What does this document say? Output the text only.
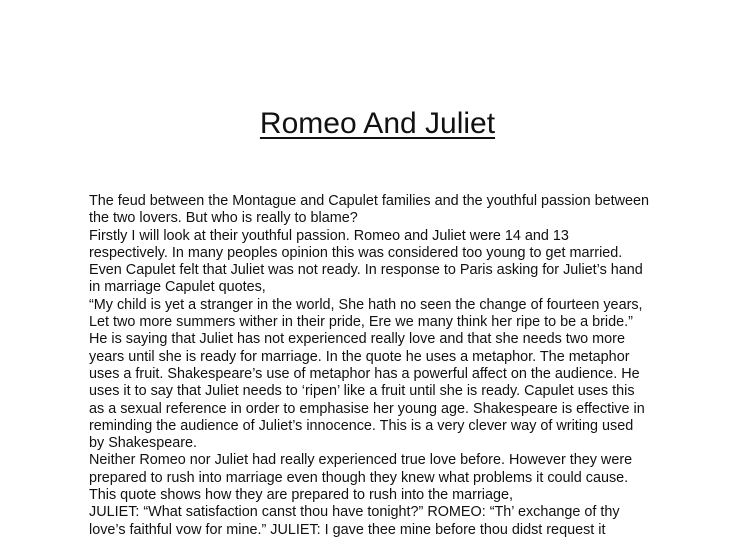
Romeo And Juliet
The feud between the Montague and Capulet families and the youthful passion between
the two lovers. But who is really to blame?
Firstly I will look at their youthful passion. Romeo and Juliet were 14 and 13
respectively. In many peoples opinion this was considered too young to get married.
Even Capulet felt that Juliet was not ready. In response to Paris asking for Juliet’s hand
in marriage Capulet quotes,
“My child is yet a stranger in the world, She hath no seen the change of fourteen years,
Let two more summers wither in their pride, Ere we many think her ripe to be a bride.”
He is saying that Juliet has not experienced really love and that she needs two more
years until she is ready for marriage. In the quote he uses a metaphor. The metaphor
uses a fruit. Shakespeare’s use of metaphor has a powerful affect on the audience. He
uses it to say that Juliet needs to ‘ripen’ like a fruit until she is ready. Capulet uses this
as a sexual reference in order to emphasise her young age. Shakespeare is effective in
reminding the audience of Juliet’s innocence. This is a very clever way of writing used
by Shakespeare.
Neither Romeo nor Juliet had really experienced true love before. However they were
prepared to rush into marriage even though they knew what problems it could cause.
This quote shows how they are prepared to rush into the marriage,
JULIET: “What satisfaction canst thou have tonight?” ROMEO: “Th’ exchange of thy
love’s faithful vow for mine.” JULIET: I gave thee mine before thou didst request it
